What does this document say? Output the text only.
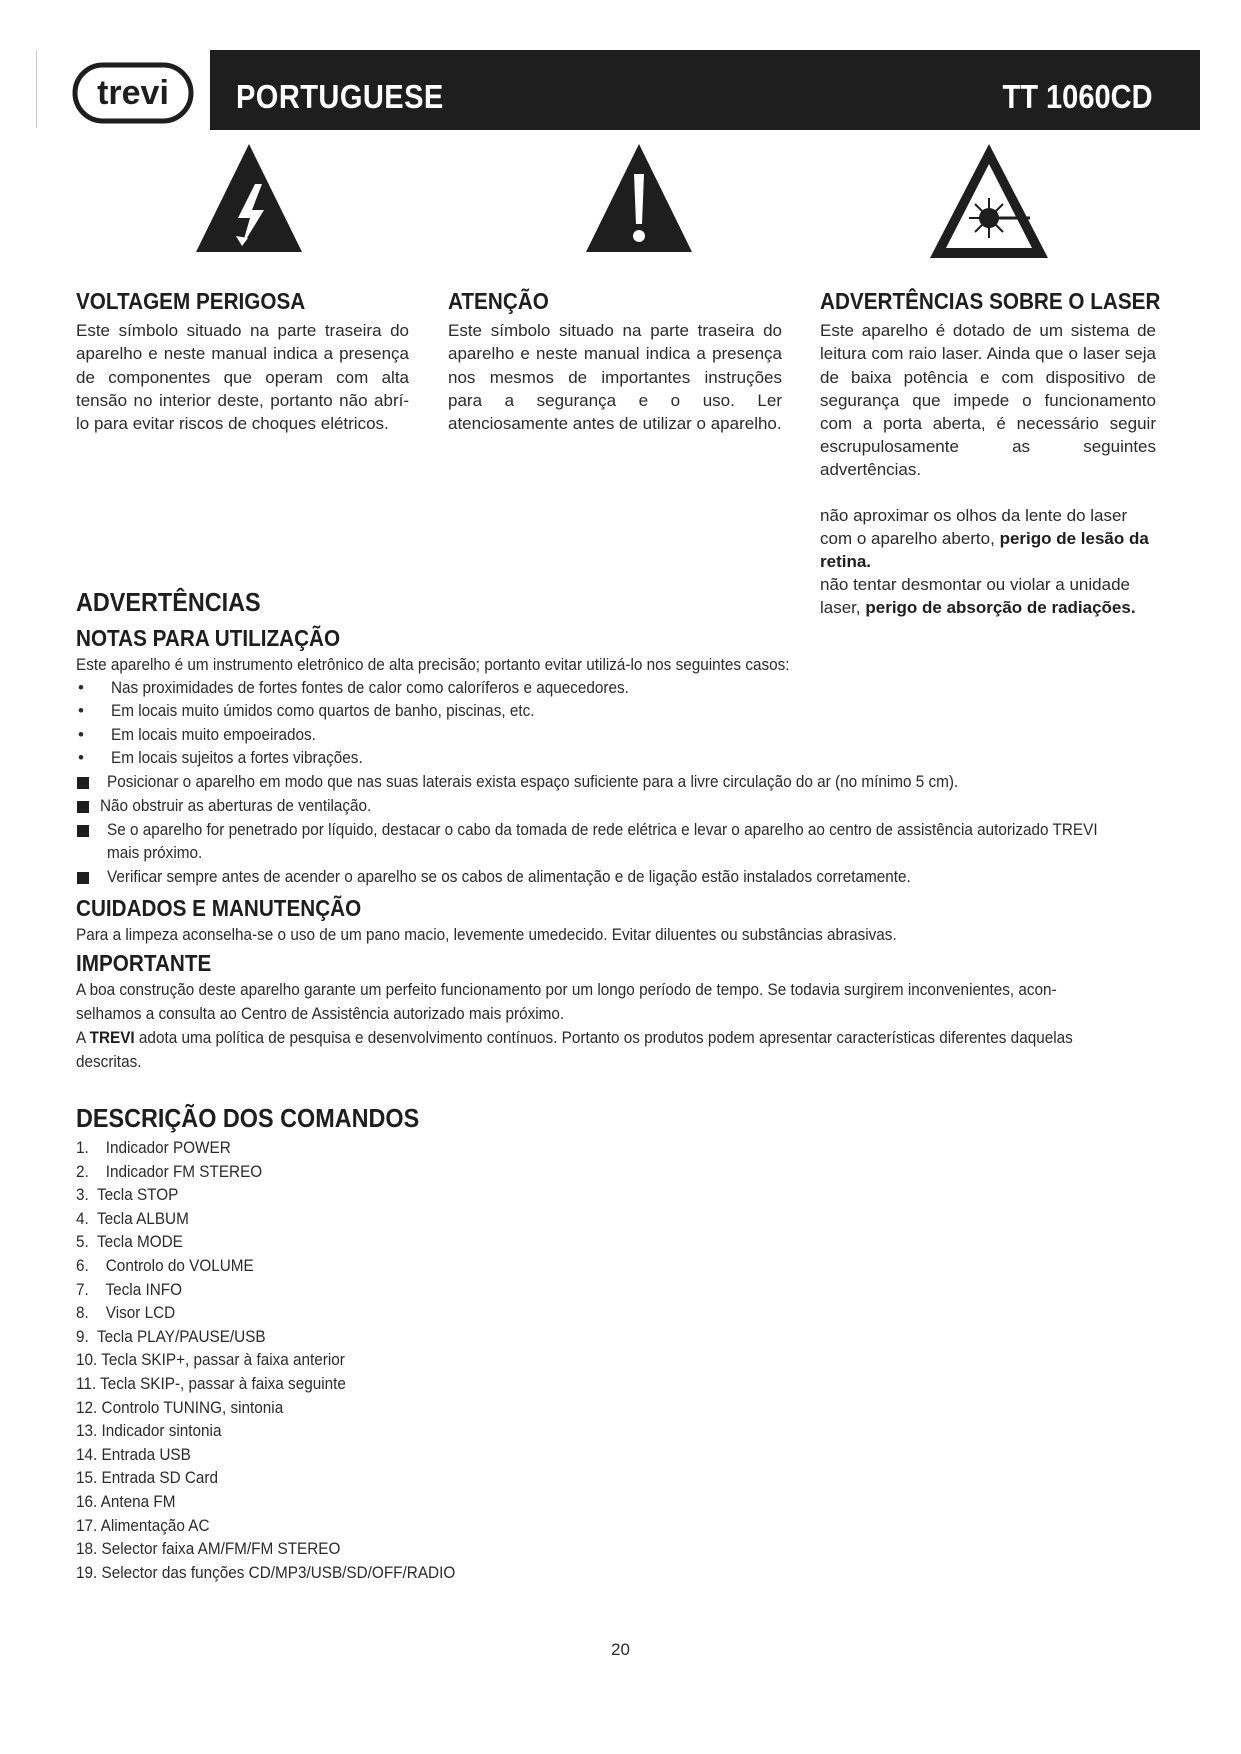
trevi PORTUGUESE	TT 1060CD
VOLTAGEM PERIGOSA

Este símbolo situado na parte traseira do aparelho e neste manual indica a presença de componentes que operam com alta tensão no interior deste, portanto não abrí-lo para evitar riscos de choques elétricos.

ATENÇÃO

Este símbolo situado na parte traseira do aparelho e neste manual indica a presença nos mesmos de importantes instruções para a segurança e o uso. Ler atenciosamente antes de utilizar o aparelho.

ADVERTÊNCIAS SOBRE O LASER

Este aparelho é dotado de um sistema de leitura com raio laser. Ainda que o laser seja de baixa potência e com dispositivo de segurança que impede o funcionamento com a porta aberta, é necessário seguir escrupulosamente as seguintes advertências.

não aproximar os olhos da lente do laser com o aparelho aberto, perigo de lesão da retina.

não tentar desmontar ou violar a unidade laser, perigo de absorção de radiações.

ADVERTÊNCIAS
NOTAS PARA UTILIZAÇÃO
Este aparelho é um instrumento eletrônico de alta precisão; portanto evitar utilizá-lo nos seguintes casos:
• Nas proximidades de fortes fontes de calor como caloríferos e aquecedores.
• Em locais muito úmidos como quartos de banho, piscinas, etc.
• Em locais muito empoeirados.
• Em locais sujeitos a fortes vibrações.
Posicionar o aparelho em modo que nas suas laterais exista espaço suficiente para a livre circulação do ar (no mínimo 5 cm).
Não obstruir as aberturas de ventilação.
Se o aparelho for penetrado por líquido, destacar o cabo da tomada de rede elétrica e levar o aparelho ao centro de assistência autorizado TREVI
mais próximo.
Verificar sempre antes de acender o aparelho se os cabos de alimentação e de ligação estão instalados corretamente.
CUIDADOS E MANUTENÇÃO
Para a limpeza aconselha-se o uso de um pano macio, levemente umedecido. Evitar diluentes ou substâncias abrasivas.
IMPORTANTE
A boa construção deste aparelho garante um perfeito funcionamento por um longo período de tempo. Se todavia surgirem inconvenientes, acon-
selhamos a consulta ao Centro de Assistência autorizado mais próximo.
A TREVI adota uma política de pesquisa e desenvolvimento contínuos. Portanto os produtos podem apresentar características diferentes daquelas
descritas.
DESCRIÇÃO DOS COMANDOS
1.    Indicador POWER
2.    Indicador FM STEREO
3.  Tecla STOP
4.  Tecla ALBUM
5.  Tecla MODE
6.    Controlo do VOLUME
7.    Tecla INFO
8.    Visor LCD
9.  Tecla PLAY/PAUSE/USB
10. Tecla SKIP+, passar à faixa anterior
11. Tecla SKIP-, passar à faixa seguinte
12. Controlo TUNING, sintonia
13. Indicador sintonia
14. Entrada USB
15. Entrada SD Card
16. Antena FM
17. Alimentação AC
18. Selector faixa AM/FM/FM STEREO
19. Selector das funções CD/MP3/USB/SD/OFF/RADIO
20
